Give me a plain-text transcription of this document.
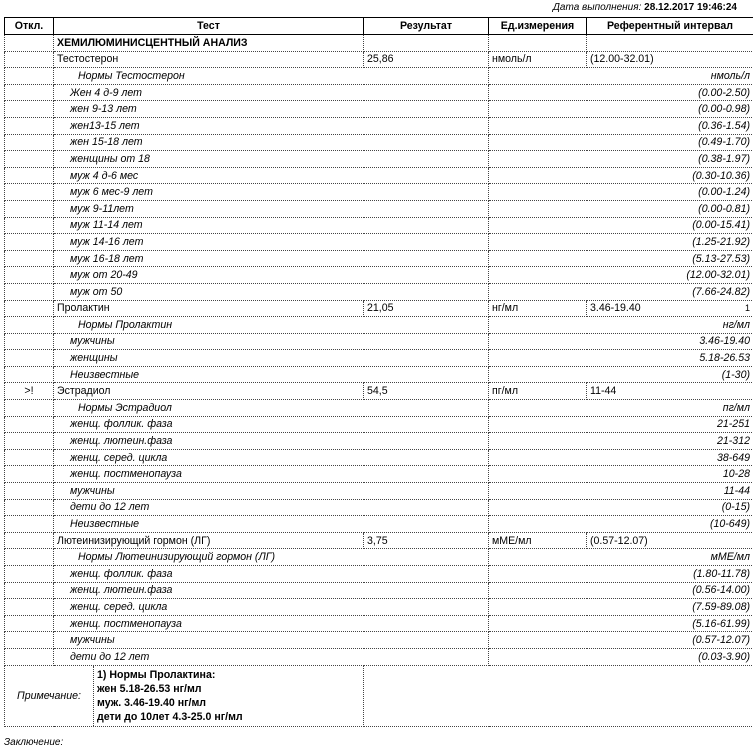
Дата выполнения: 28.12.2017 19:46:24
Откл.	Тест	Результат	Ед.измерения	Референтный интервал
	ХЕМИЛЮМИНИСЦЕНТНЫЙ АНАЛИЗ			
	Тестостерон	25,86	нмоль/л	(12.00-32.01)

	Нормы Тестостерон		нмоль/л	
	Жен 4 д-9 лет		(0.00-2.50)	
	жен 9-13 лет		(0.00-0.98)	
	жен13-15 лет		(0.36-1.54)	
	жен 15-18 лет		(0.49-1.70)	
	женщины от 18		(0.38-1.97)	
	муж 4 д-6 мес		(0.30-10.36)	
	муж 6 мес-9 лет		(0.00-1.24)	
	муж 9-11лет		(0.00-0.81)	
	муж 11-14 лет		(0.00-15.41)	
	муж 14-16 лет		(1.25-21.92)	
	муж 16-18 лет		(5.13-27.53)	
	муж от 20-49		(12.00-32.01)	
	муж от 50		(7.66-24.82)	
	Пролактин	21,05	нг/мл	3.46-19.40 1

	Нормы Пролактин		нг/мл	
	мужчины		3.46-19.40	
	женщины		5.18-26.53	
	Неизвестные		(1-30)	
>!	Эстрадиол	54,5	пг/мл	11-44

	Нормы Эстрадиол		пг/мл	
	женщ. фоллик. фаза		21-251	
	женщ. лютеин.фаза		21-312	
	женщ. серед. цикла		38-649	
	женщ. постменопауза		10-28	
	мужчины		11-44	
	дети до 12 лет		(0-15)	
	Неизвестные		(10-649)	
	Лютеинизирующий гормон (ЛГ)	3,75	мМЕ/мл	(0.57-12.07)

	Нормы Лютеинизирующий гормон (ЛГ)		мМЕ/мл	
	женщ. фоллик. фаза		(1.80-11.78)	
	женщ. лютеин.фаза		(0.56-14.00)	
	женщ. серед. цикла		(7.59-89.08)	
	женщ. постменопауза		(5.16-61.99)	
	мужчины		(0.57-12.07)	
	дети до 12 лет		(0.03-3.90)	

Примечание:
1) Нормы Пролактина:
жен 5.18-26.53 нг/мл
муж. 3.46-19.40 нг/мл
дети до 10лет 4.3-25.0 нг/мл				

Заключение:
